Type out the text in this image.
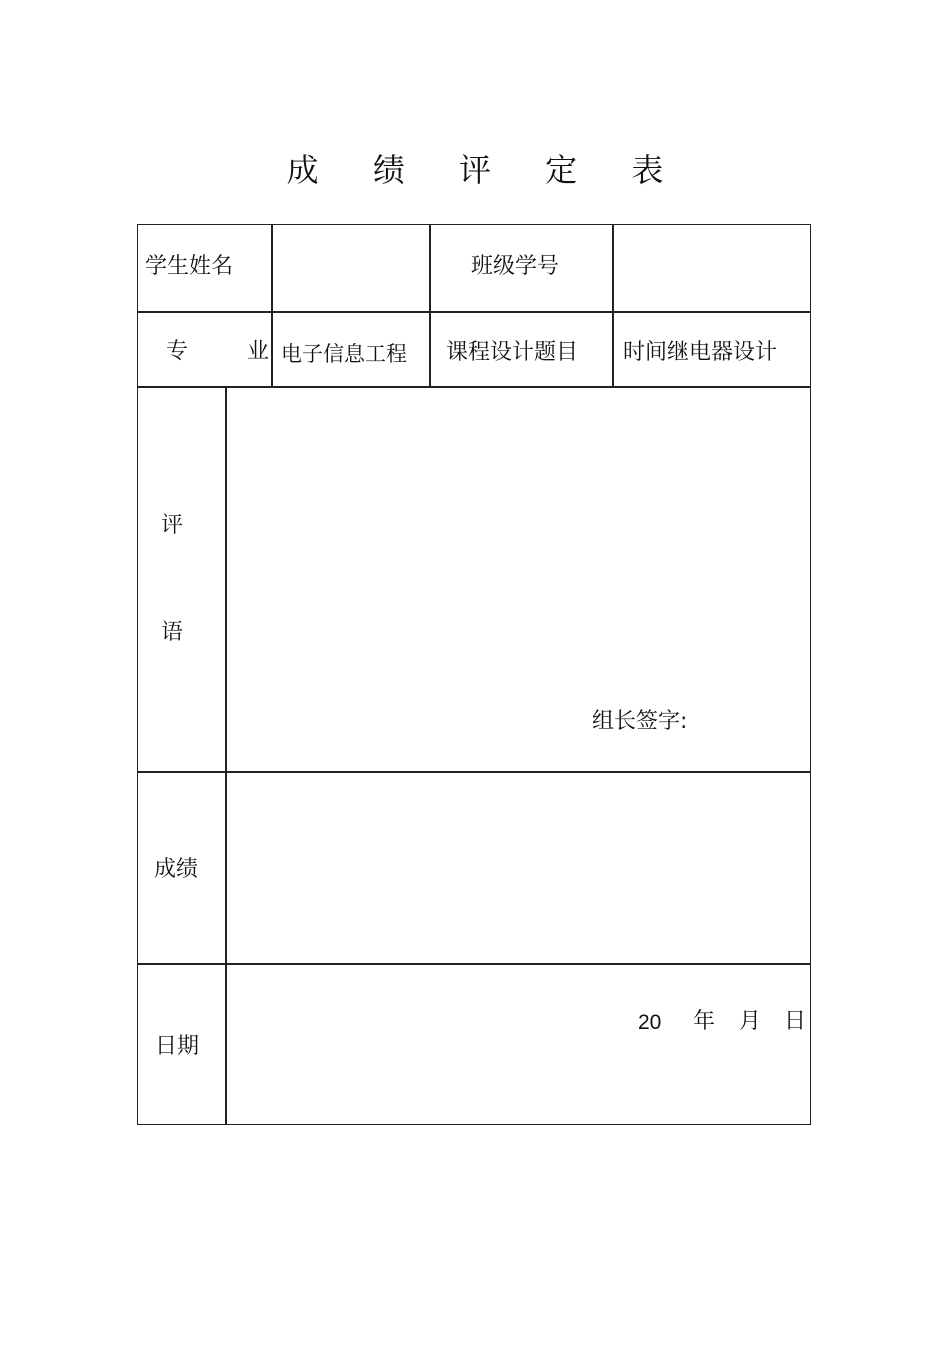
成 绩 评 定 表
学生姓名	班级学号
专 业
电子信息工程 课程设计题目 时间继电器设计
评
语
组长签字:
成绩
日期
20 年 月 日
